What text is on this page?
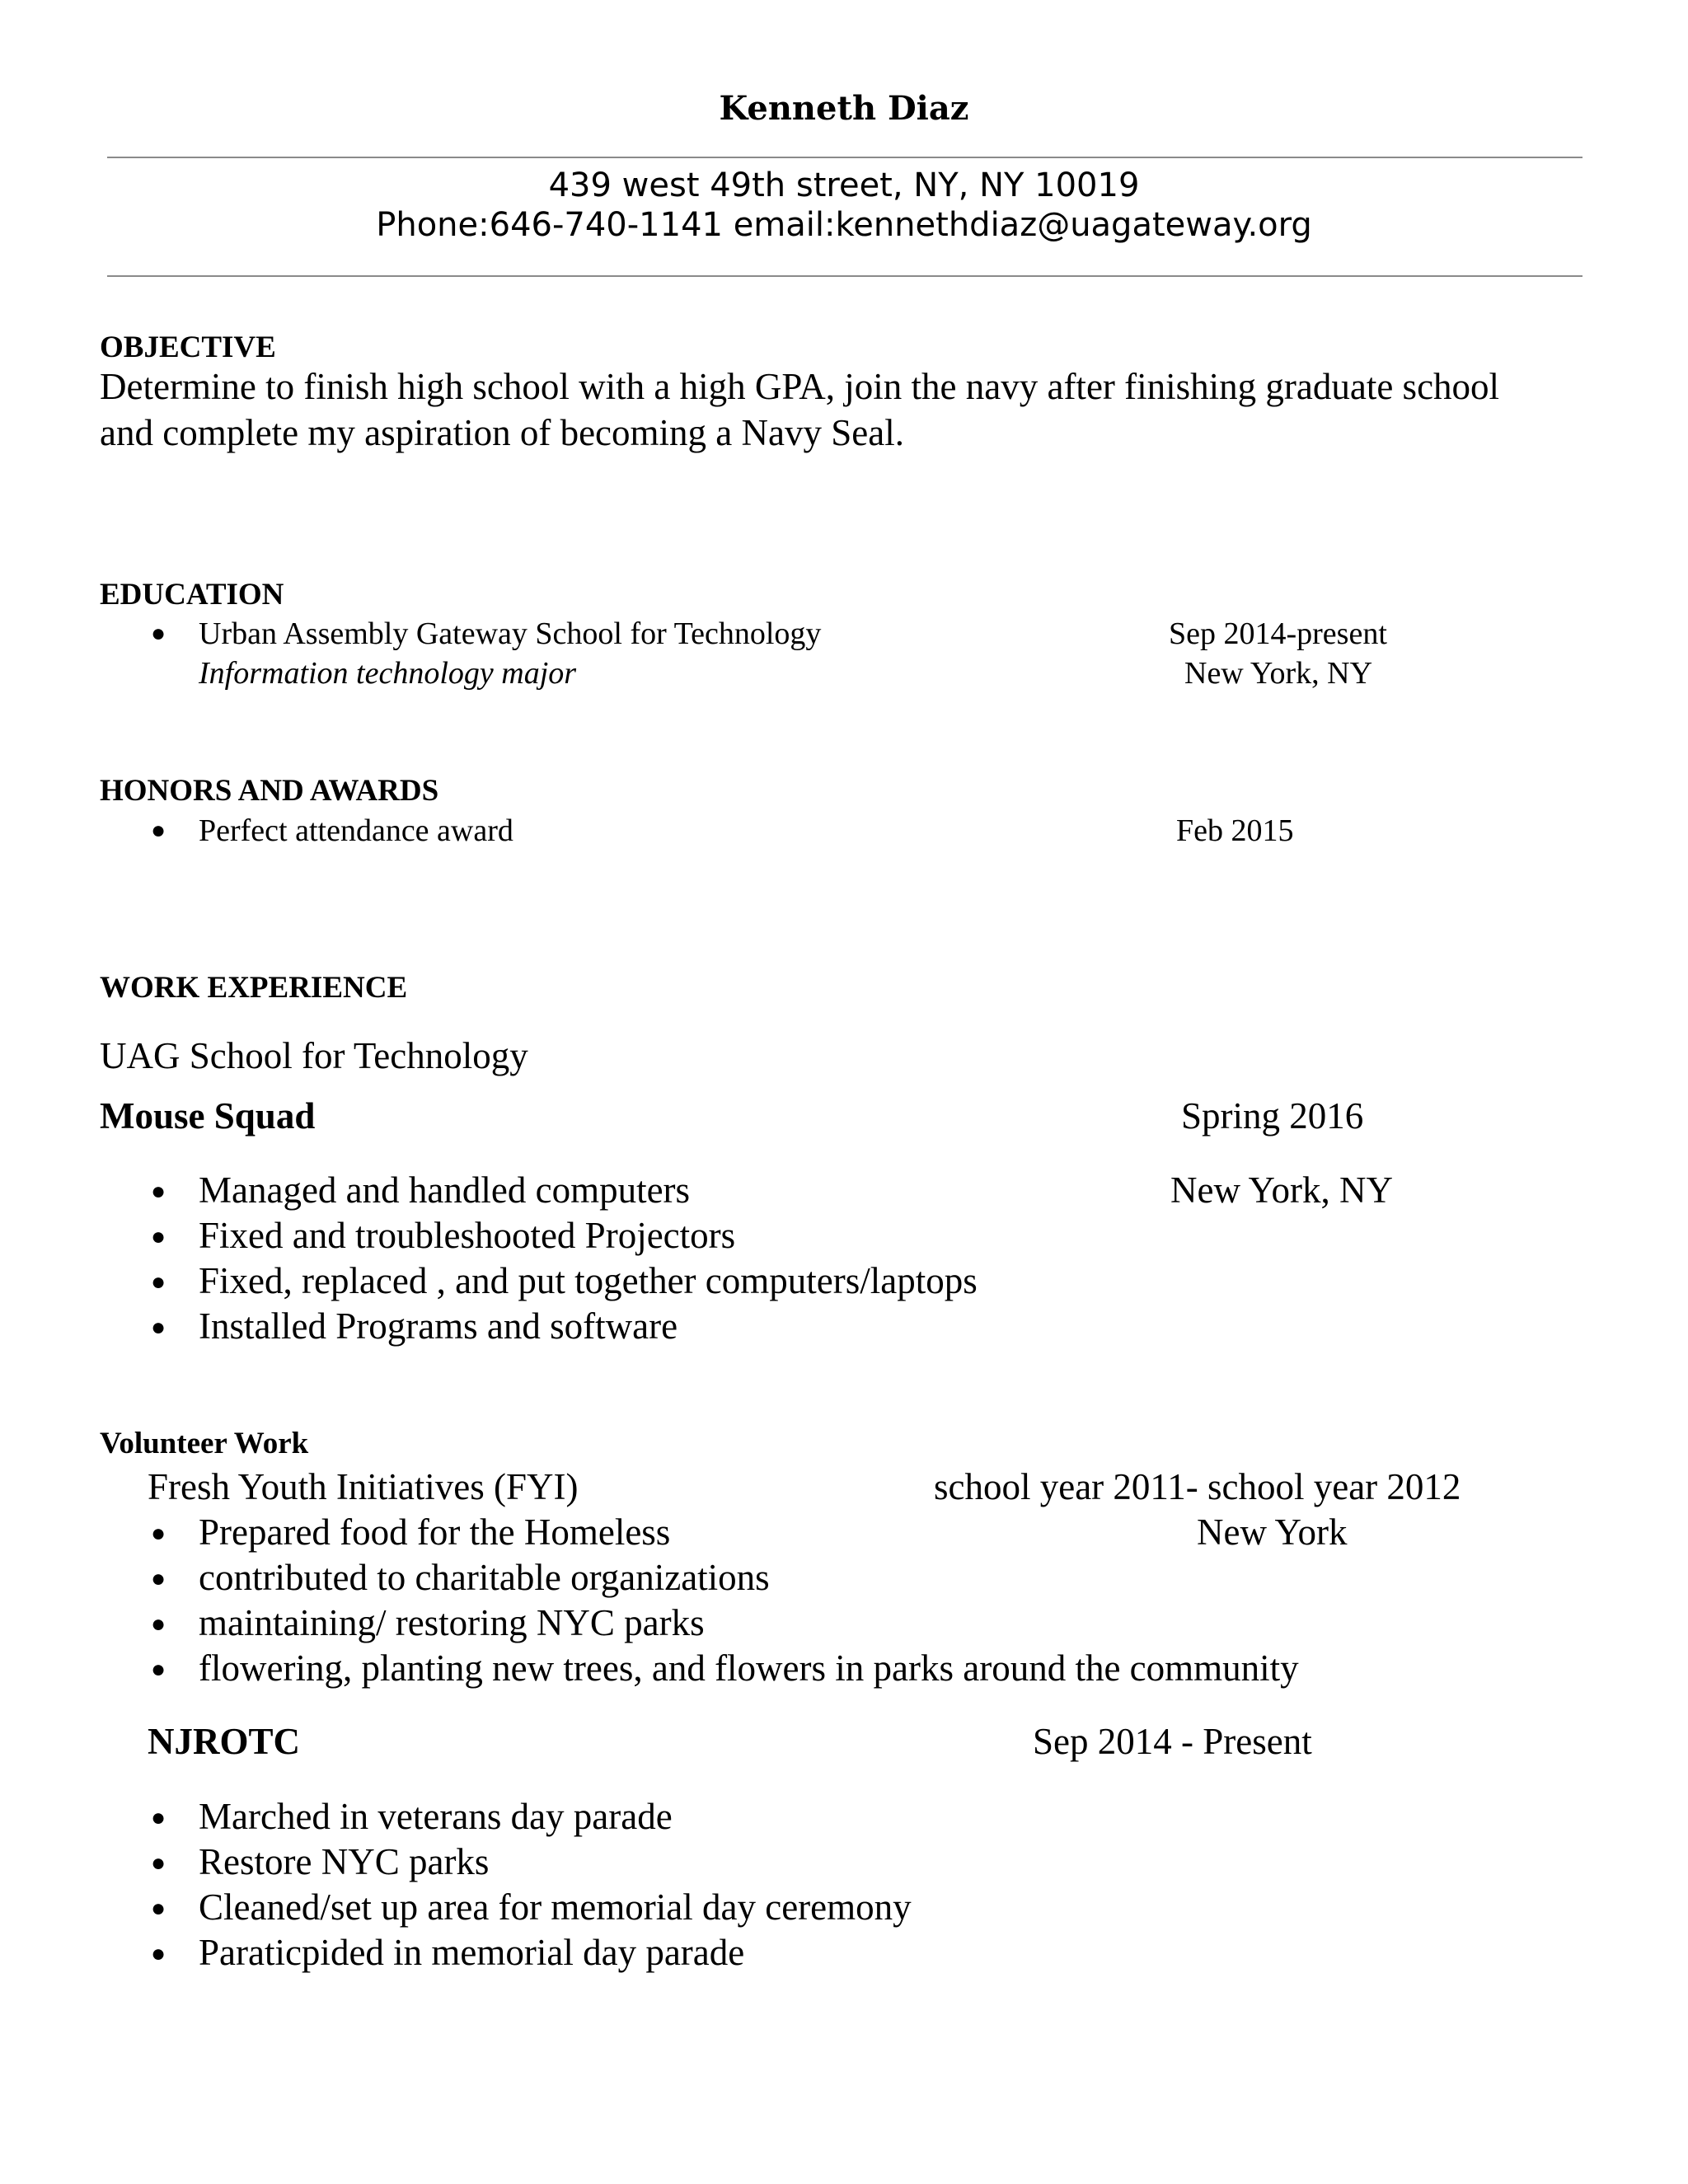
Kenneth Diaz
439 west 49th street, NY, NY 10019
Phone:646-740-1141 email:kennethdiaz@uagateway.org
OBJECTIVE
Determine to finish high school with a high GPA, join the navy after finishing graduate school
and complete my aspiration of becoming a Navy Seal.
EDUCATION
● Urban Assembly Gateway School for Technology	Sep 2014-present
Information technology major	New York, NY
HONORS AND AWARDS
● Perfect attendance award	Feb 2015
WORK EXPERIENCE
UAG School for Technology
Mouse Squad	Spring 2016
New York, NY
● Managed and handled computers
● Fixed and troubleshooted Projectors
● Fixed, replaced , and put together computers/laptops
● Installed Programs and software
Volunteer Work
Fresh Youth Initiatives (FYI)	school year 2011- school year 2012
New York
● Prepared food for the Homeless
● contributed to charitable organizations
● maintaining/ restoring NYC parks
● flowering, planting new trees, and flowers in parks around the community
NJROTC	Sep 2014 - Present
● Marched in veterans day parade
● Restore NYC parks
● Cleaned/set up area for memorial day ceremony
● Paraticpided in memorial day parade
